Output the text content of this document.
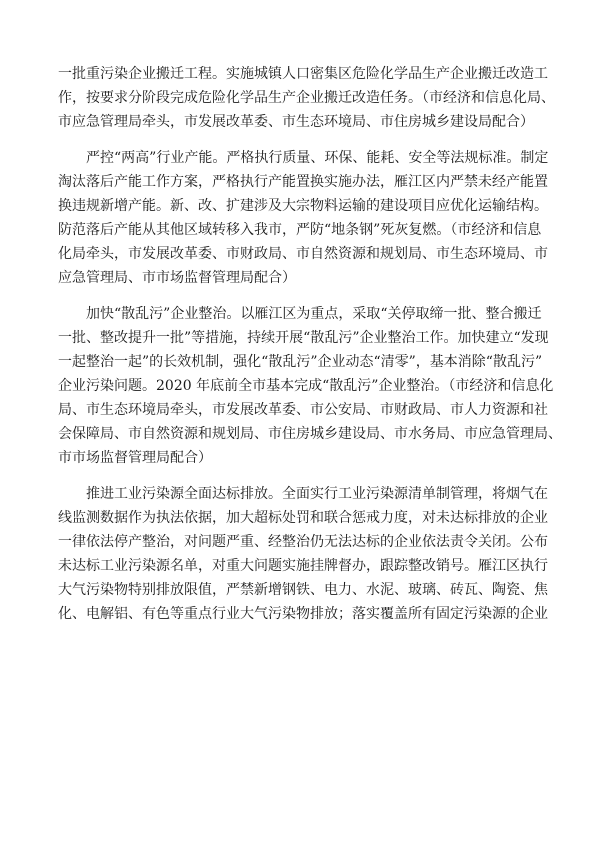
一批重污染企业搬迁工程。实施城镇人口密集区危险化学品生产企业搬迁改造工
作，按要求分阶段完成危险化学品生产企业搬迁改造任务。（市经济和信息化局、
市应急管理局牵头，市发展改革委、市生态环境局、市住房城乡建设局配合）
严控“两高”行业产能。严格执行质量、环保、能耗、安全等法规标准。制定
淘汰落后产能工作方案，严格执行产能置换实施办法，雁江区内严禁未经产能置
换违规新增产能。新、改、扩建涉及大宗物料运输的建设项目应优化运输结构。
防范落后产能从其他区域转移入我市，严防“地条钢”死灰复燃。（市经济和信息
化局牵头，市发展改革委、市财政局、市自然资源和规划局、市生态环境局、市
应急管理局、市市场监督管理局配合）
加快“散乱污”企业整治。以雁江区为重点，采取“关停取缔一批、整合搬迁
一批、整改提升一批”等措施，持续开展“散乱污”企业整治工作。加快建立“发现
一起整治一起”的长效机制，强化“散乱污”企业动态“清零”，基本消除“散乱污”
企业污染问题。2020 年底前全市基本完成“散乱污”企业整治。（市经济和信息化
局、市生态环境局牵头，市发展改革委、市公安局、市财政局、市人力资源和社
会保障局、市自然资源和规划局、市住房城乡建设局、市水务局、市应急管理局、
市市场监督管理局配合）
推进工业污染源全面达标排放。全面实行工业污染源清单制管理，将烟气在
线监测数据作为执法依据，加大超标处罚和联合惩戒力度，对未达标排放的企业
一律依法停产整治，对问题严重、经整治仍无法达标的企业依法责令关闭。公布
未达标工业污染源名单，对重大问题实施挂牌督办，跟踪整改销号。雁江区执行
大气污染物特别排放限值，严禁新增钢铁、电力、水泥、玻璃、砖瓦、陶瓷、焦
化、电解铝、有色等重点行业大气污染物排放；落实覆盖所有固定污染源的企业
